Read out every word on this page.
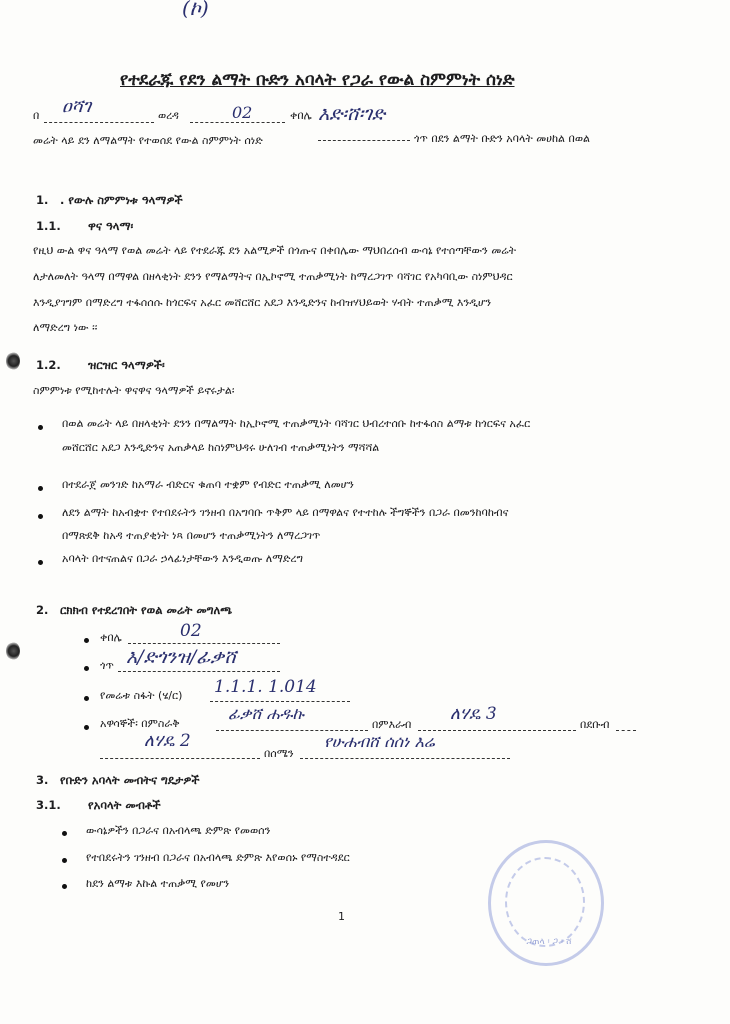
(ኮ)
የተደራጁ የደን ልማት ቡድን አባላት የጋራ የውል ስምምነት ሰነድ
በ ዐሻገ	ወረዳ	02	ቀበሌ እድ፡ሸ፡ገድ
ጎጥ በደን ልማት ቡድን አባላት መሀከል በወል
መሬት ላይ ደን ለማልማት የተወሰደ የውል ስምምነት ሰነድ
1. . የውሉ ስምምነቱ ዓላማዎች
1.1. ዋና ዓላማ፡
የዚህ ውል ዋና ዓላማ የወል መሬት ላይ የተደራጁ ደን አልሚዎች በጎጡና በቀበሌው ማህበረሰብ ውሳኔ የተሰጣቸውን መሬት
ለታለመለት ዓላማ በማዋል በዘላቂነት ደንን የማልማትና በኢኮኖሚ ተጠቃሚነት ከማረጋገጥ ባሻገር የአካባቢው ስነምህዳር
እንዲያገግም በማድረግ ተፋሰሰሱ ከጎርፍና አፈር መሸርሸር አደጋ እንዲድንና ከብዝሃህይወት ሃብት ተጠቃሚ እንዲሆን
ለማድረግ ነው ፡፡
1.2. ዝርዝር ዓላማዎች፡
ስምምነቱ የሚከተሉት ዋናዋና ዓላማዎች ይኖሩታል፡
በወል መሬት ላይ በዘላቂነት ደንን በማልማት ከኢኮኖሚ ተጠቃሚነት ባሻገር ህብረተሰቡ ከተፋሰስ ልማቱ ከጎርፍና አፈር
መሸርሸር አደጋ እንዲድንና አጠቃላይ ከስነምህዳሩ ሁለገብ ተጠቃሚነትን ማሻሻል
በተደራጀ መንገድ ከአማራ ብድርና ቁጠባ ተቋም የብድር ተጠቃሚ ለመሆን
ለደን ልማት ከአብቋተ የተበደሩትን ገንዘብ በአግባቡ ጥቅም ላይ በማዋልና የተተከሉ ችግኞችን በጋራ በመንከባከብና
በማጽደቅ ከአዳ ተጠያቂነት ነጻ በመሆን ተጠቃሚነትን ለማረጋገጥ
አባላት በተናጠልና በጋራ ኃላፊነታቸውን እንዲወጡ ለማድረግ
2. ርክክብ የተደረገበት የወል መሬት መግለጫ
ቀበሌ	02
ጎጥ እ/ድጎንዝ/ፊቃሸ
የመሬቱ ስፋት (ሄ/ር) 1.1.1. 1.014
አዋሳኞች፡ በምስራቅ
ፊቃሸ ሐዱኩ
በምእራብ
ለሃዴ 3
በደቡብ
ለሃዴ 2
በሰሜን
የሁሐብሸ ሰሰነ እሬ
3. የቡድን አባላት መብትና ግዴታዎች
3.1. የአባላት መብቶች
ውሳኔዎችን በጋራና በአብላጫ ድምጽ የመወሰን
የተበደሩትን ገንዘብ በጋራና በአብላጫ ድምጽ እየወሰኑ የማስተዳደር
ከደን ልማቱ እኩል ተጠቃሚ የመሆን
1
ጋጠላ ፡ ጋ ፡ ሸ
